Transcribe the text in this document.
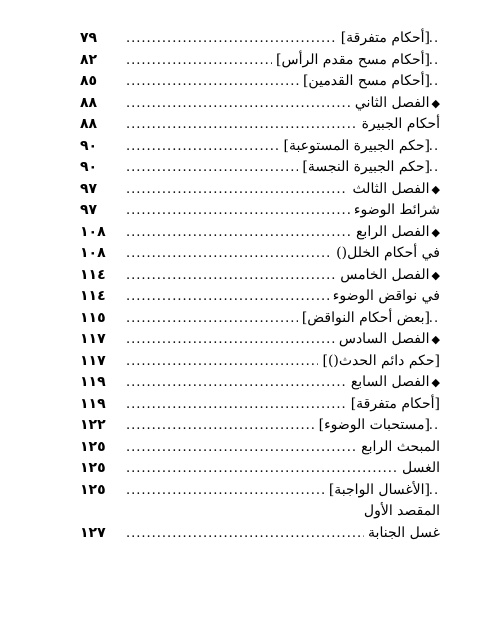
٧٩ .....	[أحكام متفرقة]
٨٢ .....	[أحكام مسح مقدم الرأس]
٨٥ .....	[أحكام مسح القدمين]
٨٨ .....	◆الفصل الثاني
٨٨ .....	أحكام الجبيرة
٩٠ .....	[حكم الجبيرة المستوعبة]
٩٠ .....	[حكم الجبيرة النجسة]
٩٧ .....	◆الفصل الثالث
٩٧ .....	شرائط الوضوء
١٠٨ .....	◆الفصل الرابع
١٠٨ .....	في أحكام الخلل()
١١٤ .....	◆الفصل الخامس
١١٤ .....	في نواقض الوضوء
١١٥ .....	[بعض أحكام النواقض]
١١٧ .....	◆الفصل السادس
١١٧ .....	[حكم دائم الحدث()]
١١٩ .....	◆الفصل السابع
١١٩ .....	[أحكام متفرقة]
١٢٢ .....	[مستحبات الوضوء]
١٢٥ .....	المبحث الرابع
١٢٥ .....	الغسل
١٢٥ .....	[الأغسال الواجبة]
المقصد الأول
١٢٧ .....	غسل الجنابة
